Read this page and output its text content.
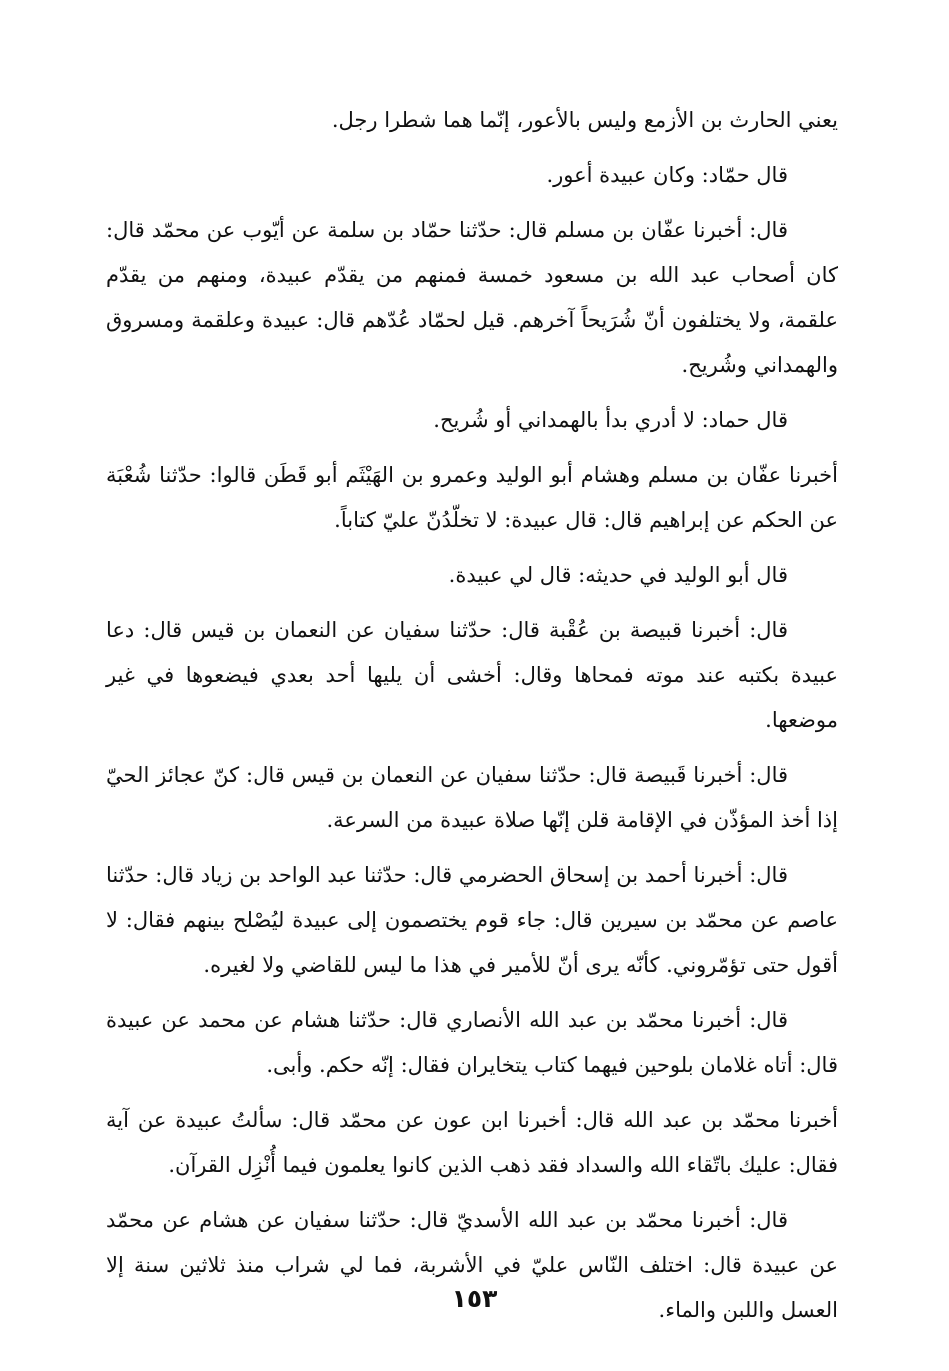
يعني الحارث بن الأزمع وليس بالأعور، إنّما هما شطرا رجل.

قال حمّاد: وكان عبيدة أعور.

قال: أخبرنا عفّان بن مسلم قال: حدّثنا حمّاد بن سلمة عن أيّوب عن محمّد قال: كان أصحاب عبد الله بن مسعود خمسة فمنهم من يقدّم عبيدة، ومنهم من يقدّم علقمة، ولا يختلفون أنّ شُرَيحاً آخرهم. قيل لحمّاد عُدّهم قال: عبيدة وعلقمة ومسروق والهمداني وشُريح.

قال حماد: لا أدري بدأ بالهمداني أو شُريح.

أخبرنا عفّان بن مسلم وهشام أبو الوليد وعمرو بن الهَيْثَم أبو قَطَن قالوا: حدّثنا شُعْبَة عن الحكم عن إبراهيم قال: قال عبيدة: لا تخلّدُنّ عليّ كتاباً.

قال أبو الوليد في حديثه: قال لي عبيدة.

قال: أخبرنا قبيصة بن عُقْبة قال: حدّثنا سفيان عن النعمان بن قيس قال: دعا عبيدة بكتبه عند موته فمحاها وقال: أخشى أن يليها أحد بعدي فيضعوها في غير موضعها.

قال: أخبرنا قَبيصة قال: حدّثنا سفيان عن النعمان بن قيس قال: كنّ عجائز الحيّ إذا أخذ المؤذّن في الإقامة قلن إنّها صلاة عبيدة من السرعة.

قال: أخبرنا أحمد بن إسحاق الحضرمي قال: حدّثنا عبد الواحد بن زياد قال: حدّثنا عاصم عن محمّد بن سيرين قال: جاء قوم يختصمون إلى عبيدة ليُصْلح بينهم فقال: لا أقول حتى تؤمّروني. كأنّه يرى أنّ للأمير في هذا ما ليس للقاضي ولا لغيره.

قال: أخبرنا محمّد بن عبد الله الأنصاري قال: حدّثنا هشام عن محمد عن عبيدة قال: أتاه غلامان بلوحين فيهما كتاب يتخايران فقال: إنّه حكم. وأبى.

أخبرنا محمّد بن عبد الله قال: أخبرنا ابن عون عن محمّد قال: سألتُ عبيدة عن آية فقال: عليك باتّقاء الله والسداد فقد ذهب الذين كانوا يعلمون فيما أُنْزِل القرآن.

قال: أخبرنا محمّد بن عبد الله الأسديّ قال: حدّثنا سفيان عن هشام عن محمّد عن عبيدة قال: اختلف النّاس عليّ في الأشربة، فما لي شراب منذ ثلاثين سنة إلا العسل واللبن والماء.

١٥٣
